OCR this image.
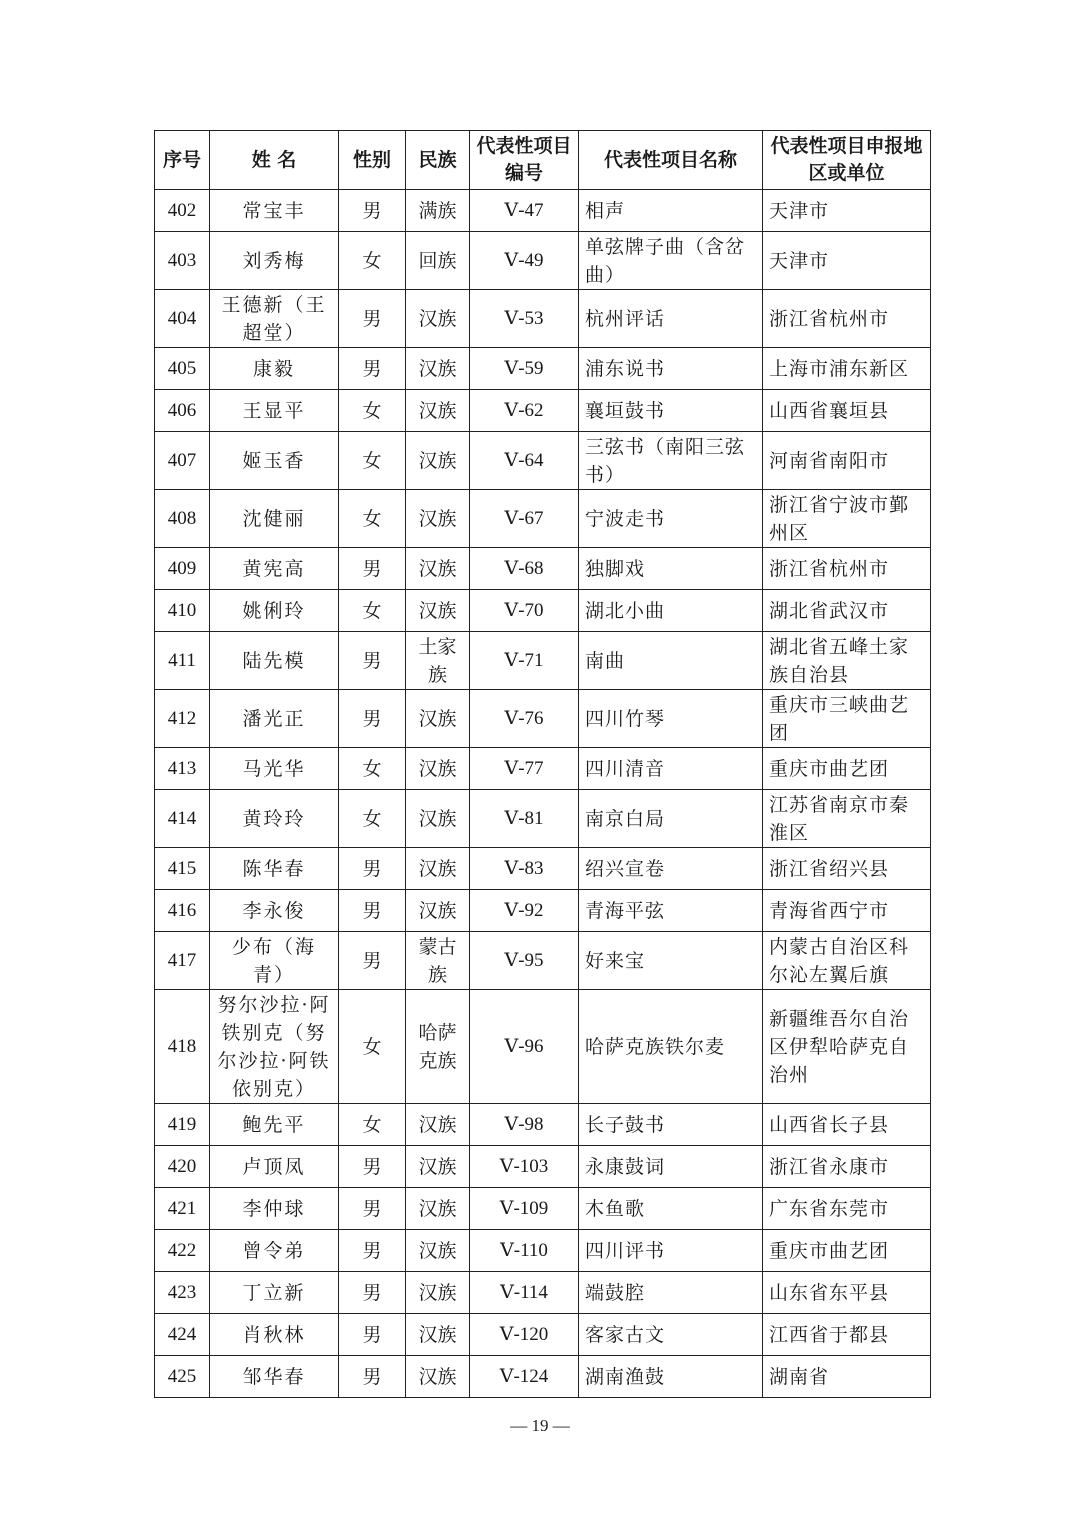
序号	姓 名	性别	民族	代表性项目编号	代表性项目名称	代表性项目申报地区或单位
402	常宝丰	男	满族	Ⅴ-47	相声	天津市
403	刘秀梅	女	回族	Ⅴ-49	单弦牌子曲（含岔曲）	天津市
404	王德新（王超堂）	男	汉族	Ⅴ-53	杭州评话	浙江省杭州市
405	康毅	男	汉族	Ⅴ-59	浦东说书	上海市浦东新区
406	王显平	女	汉族	Ⅴ-62	襄垣鼓书	山西省襄垣县
407	姬玉香	女	汉族	Ⅴ-64	三弦书（南阳三弦书）	河南省南阳市
408	沈健丽	女	汉族	Ⅴ-67	宁波走书	浙江省宁波市鄞州区
409	黄宪高	男	汉族	Ⅴ-68	独脚戏	浙江省杭州市
410	姚俐玲	女	汉族	Ⅴ-70	湖北小曲	湖北省武汉市
411	陆先模	男	土家族	Ⅴ-71	南曲	湖北省五峰土家族自治县
412	潘光正	男	汉族	Ⅴ-76	四川竹琴	重庆市三峡曲艺团
413	马光华	女	汉族	Ⅴ-77	四川清音	重庆市曲艺团
414	黄玲玲	女	汉族	Ⅴ-81	南京白局	江苏省南京市秦淮区
415	陈华春	男	汉族	Ⅴ-83	绍兴宣卷	浙江省绍兴县
416	李永俊	男	汉族	Ⅴ-92	青海平弦	青海省西宁市
417	少布（海青）	男	蒙古族	Ⅴ-95	好来宝	内蒙古自治区科尔沁左翼后旗
418	努尔沙拉·阿铁别克（努尔沙拉·阿铁依别克）	女	哈萨克族	Ⅴ-96	哈萨克族铁尔麦	新疆维吾尔自治区伊犁哈萨克自治州
419	鲍先平	女	汉族	Ⅴ-98	长子鼓书	山西省长子县
420	卢顶凤	男	汉族	Ⅴ-103	永康鼓词	浙江省永康市
421	李仲球	男	汉族	Ⅴ-109	木鱼歌	广东省东莞市
422	曾令弟	男	汉族	Ⅴ-110	四川评书	重庆市曲艺团
423	丁立新	男	汉族	Ⅴ-114	端鼓腔	山东省东平县
424	肖秋林	男	汉族	Ⅴ-120	客家古文	江西省于都县
425	邹华春	男	汉族	Ⅴ-124	湖南渔鼓	湖南省
— 19 —
